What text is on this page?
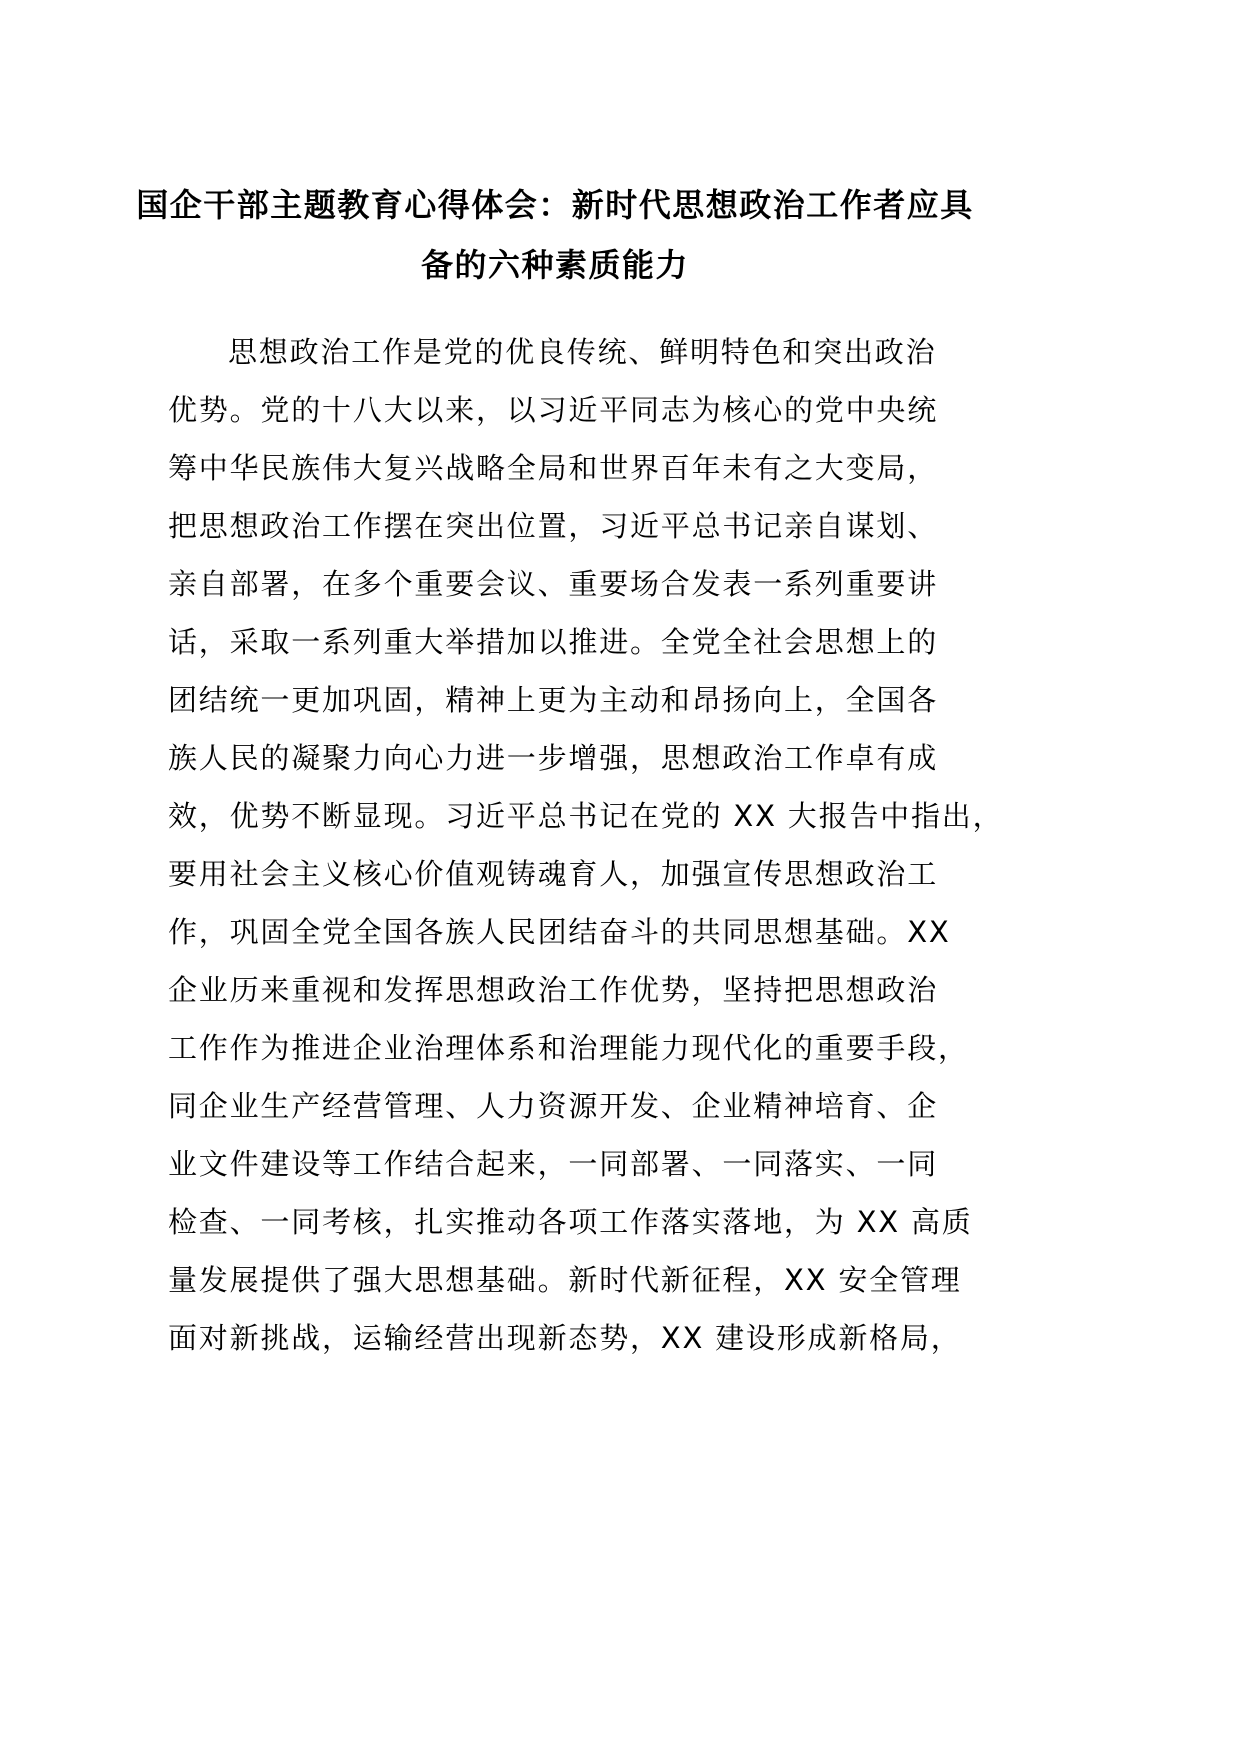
国企干部主题教育心得体会：新时代思想政治工作者应具
备的六种素质能力
思想政治工作是党的优良传统、鲜明特色和突出政治
优势。党的十八大以来，以习近平同志为核心的党中央统
筹中华民族伟大复兴战略全局和世界百年未有之大变局，
把思想政治工作摆在突出位置，习近平总书记亲自谋划、
亲自部署，在多个重要会议、重要场合发表一系列重要讲
话，采取一系列重大举措加以推进。全党全社会思想上的
团结统一更加巩固，精神上更为主动和昂扬向上，全国各
族人民的凝聚力向心力进一步增强，思想政治工作卓有成
效，优势不断显现。习近平总书记在党的 XX 大报告中指出，
要用社会主义核心价值观铸魂育人，加强宣传思想政治工
作，巩固全党全国各族人民团结奋斗的共同思想基础。XX
企业历来重视和发挥思想政治工作优势，坚持把思想政治
工作作为推进企业治理体系和治理能力现代化的重要手段，
同企业生产经营管理、人力资源开发、企业精神培育、企
业文件建设等工作结合起来，一同部署、一同落实、一同
检查、一同考核，扎实推动各项工作落实落地，为 XX 高质
量发展提供了强大思想基础。新时代新征程，XX 安全管理
面对新挑战，运输经营出现新态势，XX 建设形成新格局，
